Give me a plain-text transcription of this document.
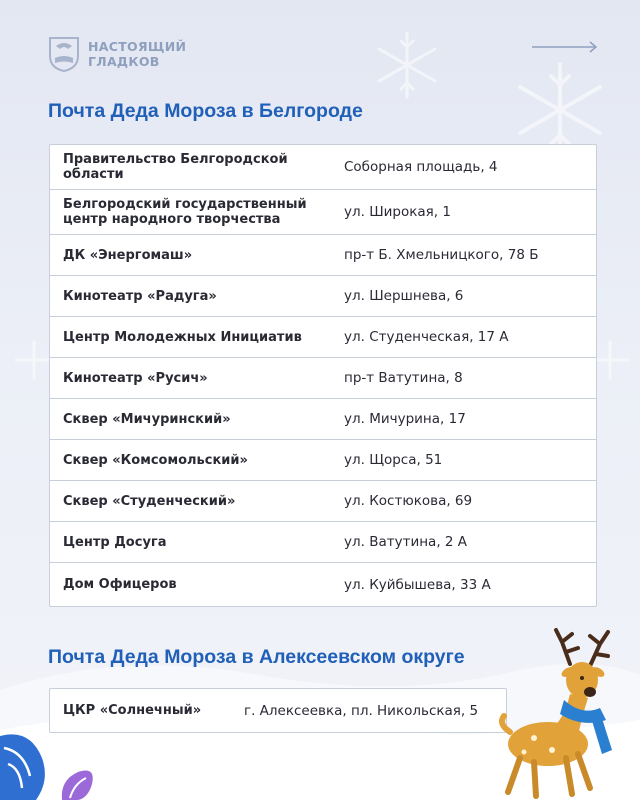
НАСТОЯЩИЙ
ГЛАДКОВ
Почта Деда Мороза в Белгороде
Правительство Белгородской области	Соборная площадь, 4
Белгородский государственный центр народного творчества	ул. Широкая, 1
ДК «Энергомаш»	пр-т Б. Хмельницкого, 78 Б
Кинотеатр «Радуга»	ул. Шершнева, 6
Центр Молодежных Инициатив	ул. Студенческая, 17 А
Кинотеатр «Русич»	пр-т Ватутина, 8
Сквер «Мичуринский»	ул. Мичурина, 17
Сквер «Комсомольский»	ул. Щорса, 51
Сквер «Студенческий»	ул. Костюкова, 69
Центр Досуга	ул. Ватутина, 2 А
Дом Офицеров	ул. Куйбышева, 33 А
Почта Деда Мороза в Алексеевском округе
ЦКР «Солнечный»	г. Алексеевка, пл. Никольская, 5
